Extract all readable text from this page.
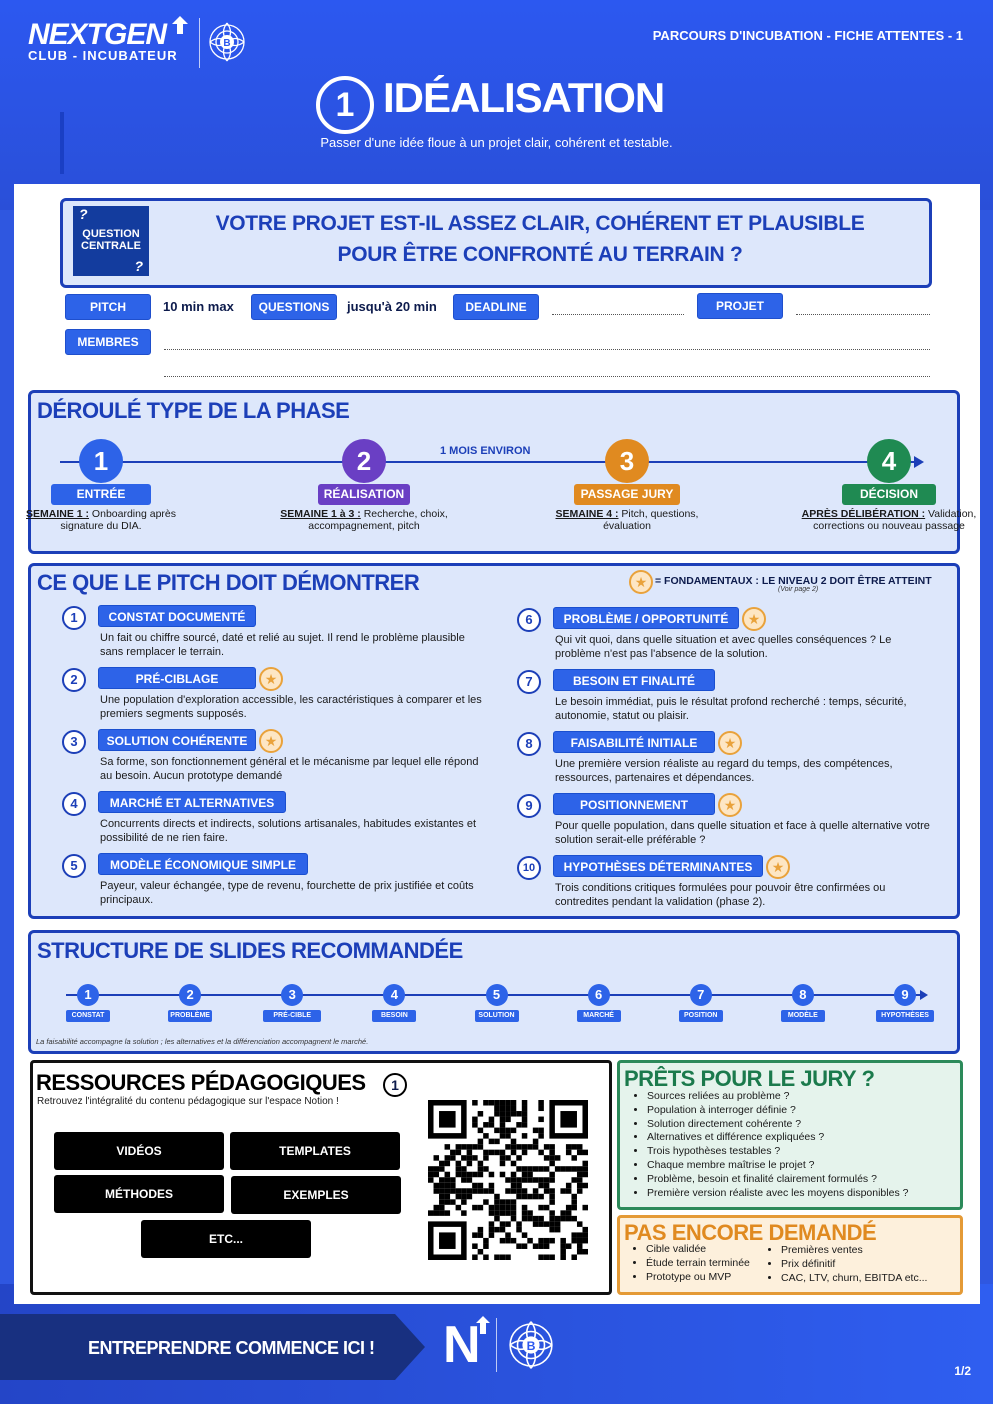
NEXTGEN
CLUB - INCUBATEUR
B
PARCOURS D'INCUBATION - FICHE ATTENTES - 1
1 IDÉALISATION
Passer d'une idée floue à un projet clair, cohérent et testable.
?
QUESTION CENTRALE
?
VOTRE PROJET EST-IL ASSEZ CLAIR, COHÉRENT ET PLAUSIBLE
POUR ÊTRE CONFRONTÉ AU TERRAIN ?
PITCH	10 min max	QUESTIONS	jusqu'à 20 min	DEADLINE	PROJET
MEMBRES
DÉROULÉ TYPE DE LA PHASE
1 MOIS ENVIRON
1
ENTRÉE
SEMAINE 1 : Onboarding après signature du DIA.
2
RÉALISATION
SEMAINE 1 à 3 : Recherche, choix, accompagnement, pitch
3
PASSAGE JURY
SEMAINE 4 : Pitch, questions, évaluation
4
DÉCISION
APRÈS DÉLIBÉRATION : Validation, corrections ou nouveau passage
CE QUE LE PITCH DOIT DÉMONTRER	★ = FONDAMENTAUX : LE NIVEAU 2 DOIT ÊTRE ATTEINT
(Voir page 2)
1	CONSTAT DOCUMENTÉ
Un fait ou chiffre sourcé, daté et relié au sujet. Il rend le problème plausible sans remplacer le terrain.
2	PRÉ-CIBLAGE	★
Une population d'exploration accessible, les caractéristiques à comparer et les premiers segments supposés.
3	SOLUTION COHÉRENTE	★
Sa forme, son fonctionnement général et le mécanisme par lequel elle répond au besoin. Aucun prototype demandé
4	MARCHÉ ET ALTERNATIVES
Concurrents directs et indirects, solutions artisanales, habitudes existantes et possibilité de ne rien faire.
5	MODÈLE ÉCONOMIQUE SIMPLE
Payeur, valeur échangée, type de revenu, fourchette de prix justifiée et coûts principaux.
6	PROBLÈME / OPPORTUNITÉ	★
Qui vit quoi, dans quelle situation et avec quelles conséquences ? Le problème n'est pas l'absence de la solution.
7	BESOIN ET FINALITÉ
Le besoin immédiat, puis le résultat profond recherché : temps, sécurité, autonomie, statut ou plaisir.
8	FAISABILITÉ INITIALE	★
Une première version réaliste au regard du temps, des compétences, ressources, partenaires et dépendances.
9	POSITIONNEMENT	★
Pour quelle population, dans quelle situation et face à quelle alternative votre solution serait-elle préférable ?
10	HYPOTHÈSES DÉTERMINANTES	★
Trois conditions critiques formulées pour pouvoir être confirmées ou contredites pendant la validation (phase 2).
STRUCTURE DE SLIDES RECOMMANDÉE
1
CONSTAT
2
PROBLÈME
3
PRÉ-CIBLE
4
BESOIN
5
SOLUTION
6
MARCHÉ
7
POSITION
8
MODÈLE
9
HYPOTHÈSES
La faisabilité accompagne la solution ; les alternatives et la différenciation accompagnent le marché.
RESSOURCES PÉDAGOGIQUES	1
Retrouvez l'intégralité du contenu pédagogique sur l'espace Notion !
VIDÉOS	TEMPLATES
MÉTHODES	EXEMPLES
ETC...
PRÊTS POUR LE JURY ?
• Sources reliées au problème ?
• Population à interroger définie ?
• Solution directement cohérente ?
• Alternatives et différence expliquées ?
• Trois hypothèses testables ?
• Chaque membre maîtrise le projet ?
• Problème, besoin et finalité clairement formulés ?
• Première version réaliste avec les moyens disponibles ?
PAS ENCORE DEMANDÉ
• Cible validée
• Étude terrain terminée
• Prototype ou MVP
• Premières ventes
• Prix définitif
• CAC, LTV, churn, EBITDA etc...
ENTREPRENDRE COMMENCE ICI ! N	B
1/2
